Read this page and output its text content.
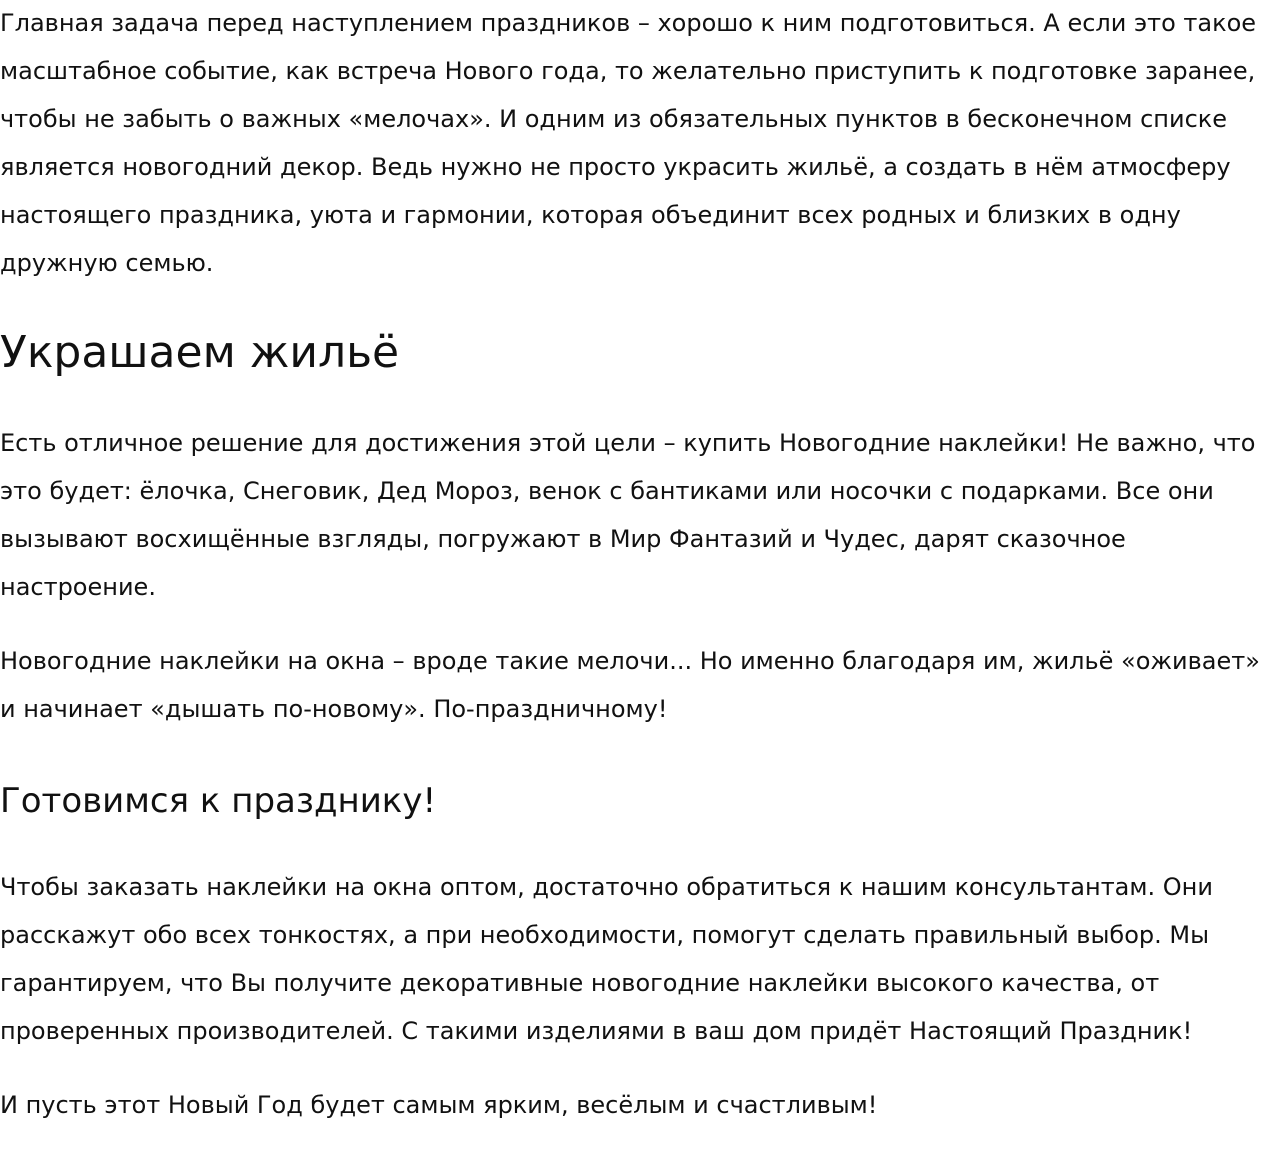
Главная задача перед наступлением праздников – хорошо к ним подготовиться. А если это такое масштабное событие, как встреча Нового года, то желательно приступить к подготовке заранее, чтобы не забыть о важных «мелочах». И одним из обязательных пунктов в бесконечном списке является новогодний декор. Ведь нужно не просто украсить жильё, а создать в нём атмосферу настоящего праздника, уюта и гармонии, которая объединит всех родных и близких в одну дружную семью.

Украшаем жильё

Есть отличное решение для достижения этой цели – купить Новогодние наклейки! Не важно, что это будет: ёлочка, Снеговик, Дед Мороз, венок с бантиками или носочки с подарками. Все они вызывают восхищённые взгляды, погружают в Мир Фантазий и Чудес, дарят сказочное настроение.

Новогодние наклейки на окна – вроде такие мелочи... Но именно благодаря им, жильё «оживает» и начинает «дышать по-новому». По-праздничному!

Готовимся к празднику!

Чтобы заказать наклейки на окна оптом, достаточно обратиться к нашим консультантам. Они расскажут обо всех тонкостях, а при необходимости, помогут сделать правильный выбор. Мы гарантируем, что Вы получите декоративные новогодние наклейки высокого качества, от проверенных производителей. С такими изделиями в ваш дом придёт Настоящий Праздник!

И пусть этот Новый Год будет самым ярким, весёлым и счастливым!
